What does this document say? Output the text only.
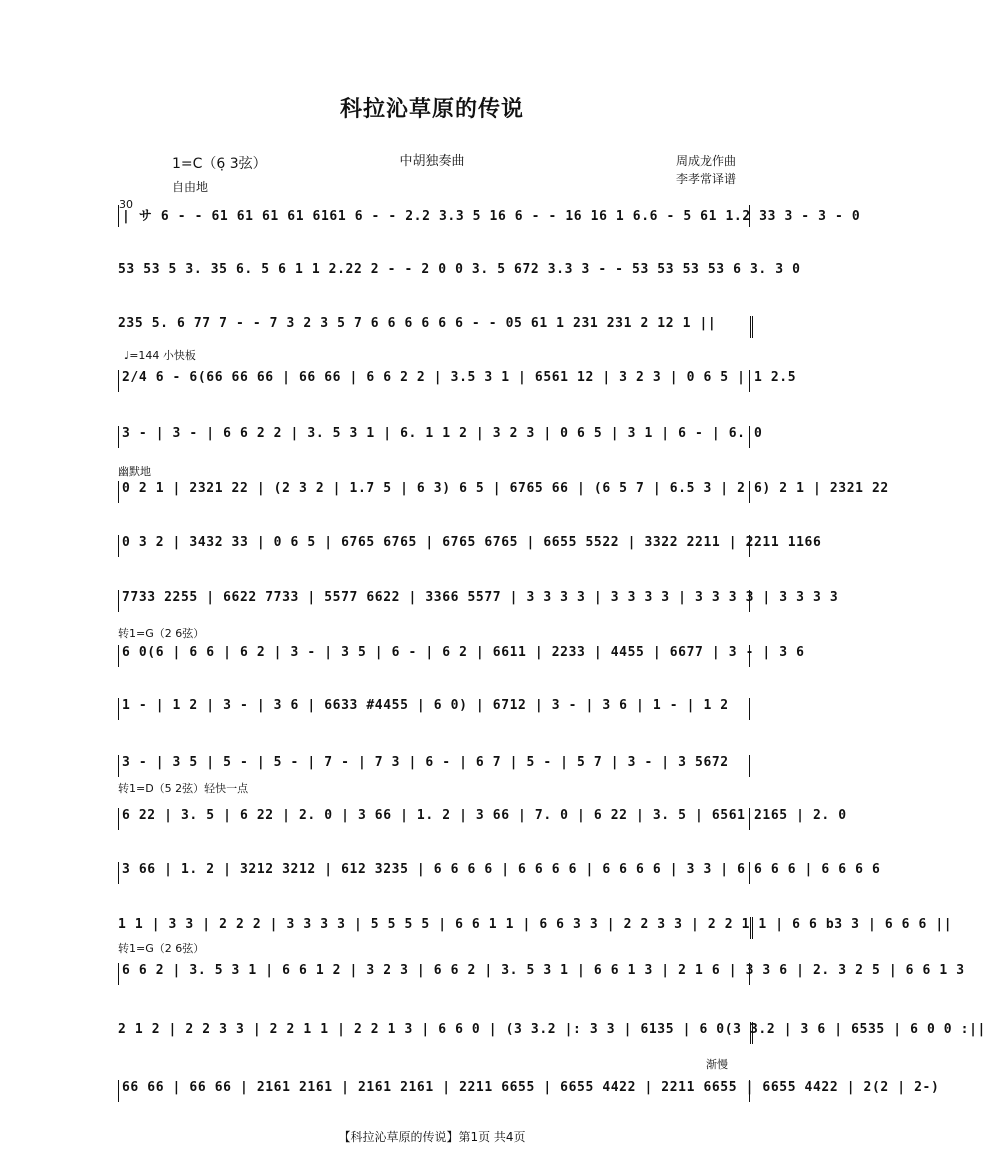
科拉沁草原的传说
中胡独奏曲
1=C（6̣ 3弦）	周成龙作曲
李孝常译谱
自由地
30
| サ 6 - - 61 61 61 61 6161 6 - - 2.2 3.3 5 16 6 - - 16 16 1 6.6 - 5 61 1.2 33 3 - 3 - 0
53 53 5 3. 35 6. 5 6 1 1 2.22 2 - - 2 0 0 3. 5 672 3.3 3 - - 53 53 53 53 6 3. 3 0
235 5. 6 77 7 - - 7 3 2 3 5 7 6 6 6 6 6 6 - - 05 61 1 231 231 2 12 1 ||
♩=144 小快板
2/4 6 - 6(66 66 66 | 66 66 | 6 6 2 2 | 3.5 3 1 | 6561 12 | 3 2 3 | 0 6 5 | 1 2.5
3 - | 3 - | 6 6 2 2 | 3. 5 3 1 | 6. 1 1 2 | 3 2 3 | 0 6 5 | 3 1 | 6 - | 6. 0
幽默地
0 2 1 | 2321 22 | (2 3 2 | 1.7 5 | 6 3) 6 5 | 6765 66 | (6 5 7 | 6.5 3 | 2 6) 2 1 | 2321 22
0 3 2 | 3432 33 | 0 6 5 | 6765 6765 | 6765 6765 | 6655 5522 | 3322 2211 | 2211 1166
7733 2255 | 6622 7733 | 5577 6622 | 3366 5577 | 3 3 3 3 | 3 3 3 3 | 3 3 3 3 | 3 3 3 3
转1=G（2 6弦）
6 0(6 | 6 6 | 6 2 | 3 - | 3 5 | 6 - | 6 2 | 6611 | 2233 | 4455 | 6677 | 3 - | 3 6
1 - | 1 2 | 3 - | 3 6 | 6633 #4455 | 6 0) | 6712 | 3 - | 3 6 | 1 - | 1 2
3 - | 3 5 | 5 - | 5 - | 7 - | 7 3 | 6 - | 6 7 | 5 - | 5 7 | 3 - | 3 5672
转1=D（5 2弦）轻快一点
6 22 | 3. 5 | 6 22 | 2. 0 | 3 66 | 1. 2 | 3 66 | 7. 0 | 6 22 | 3. 5 | 6561 2165 | 2. 0
3 66 | 1. 2 | 3212 3212 | 612 3235 | 6 6 6 6 | 6 6 6 6 | 6 6 6 6 | 3 3 | 6 6 6 6 | 6 6 6 6
1 1 | 3 3 | 2 2 2 | 3 3 3 3 | 5 5 5 5 | 6 6 1 1 | 6 6 3 3 | 2 2 3 3 | 2 2 1 1 | 6 6 b3 3 | 6 6 6 ||
转1=G（2 6弦）
6 6 2 | 3. 5 3 1 | 6 6 1 2 | 3 2 3 | 6 6 2 | 3. 5 3 1 | 6 6 1 3 | 2 1 6 | 3 3 6 | 2. 3 2 5 | 6 6 1 3
2 1 2 | 2 2 3 3 | 2 2 1 1 | 2 2 1 3 | 6 6 0 | (3 3.2 |: 3 3 | 6135 | 6 0(3 3.2 | 3 6 | 6535 | 6 0 0 :||
渐慢
66 66 | 66 66 | 2161 2161 | 2161 2161 | 2211 6655 | 6655 4422 | 2211 6655 | 6655 4422 | 2(2 | 2-)
【科拉沁草原的传说】第1页 共4页
